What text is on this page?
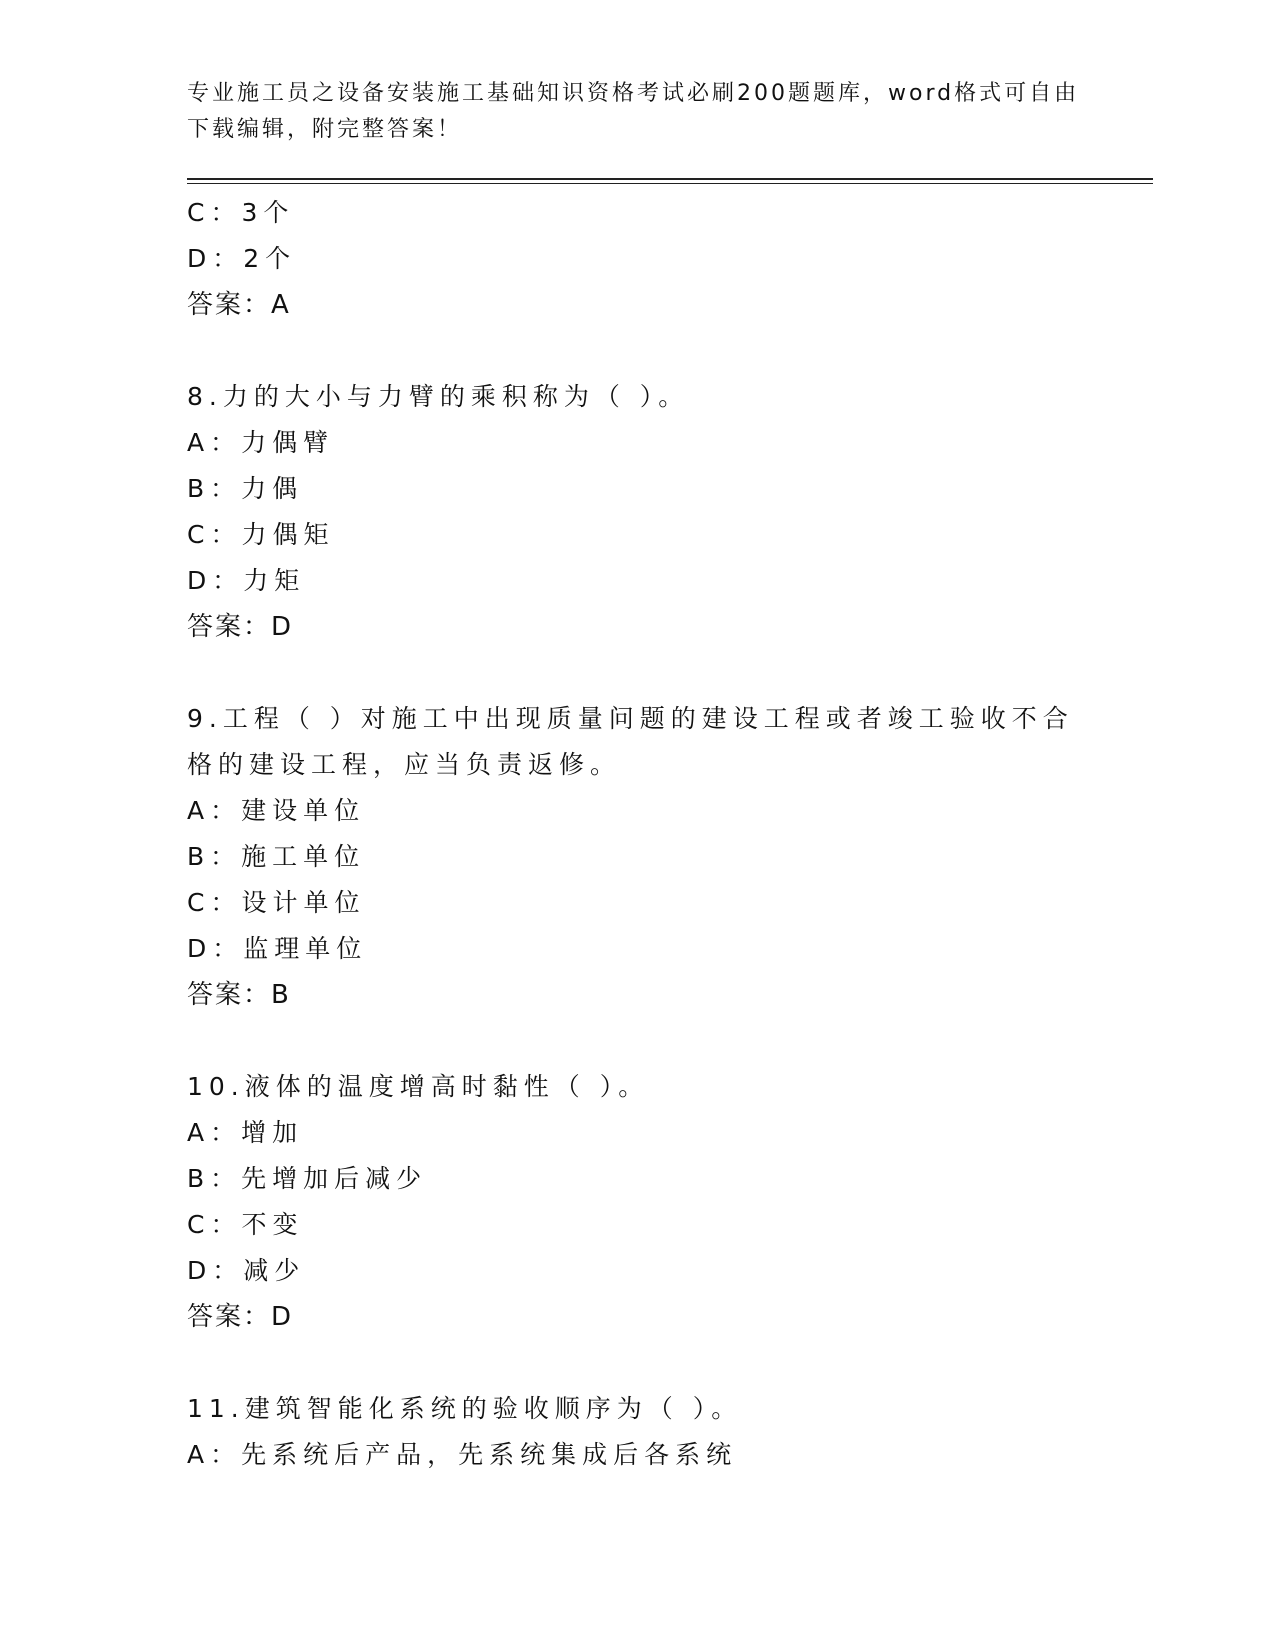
专业施工员之设备安装施工基础知识资格考试必刷200题题库，word格式可自由下载编辑，附完整答案！
C：3个
D：2个
答案：A
8.力的大小与力臂的乘积称为（ ）。
A：力偶臂
B：力偶
C：力偶矩
D：力矩
答案：D
9.工程（ ）对施工中出现质量问题的建设工程或者竣工验收不合格的建设工程，应当负责返修。
A：建设单位
B：施工单位
C：设计单位
D：监理单位
答案：B
10.液体的温度增高时黏性（ ）。
A：增加
B：先增加后减少
C：不变
D：减少
答案：D
11.建筑智能化系统的验收顺序为（ ）。
A：先系统后产品，先系统集成后各系统
